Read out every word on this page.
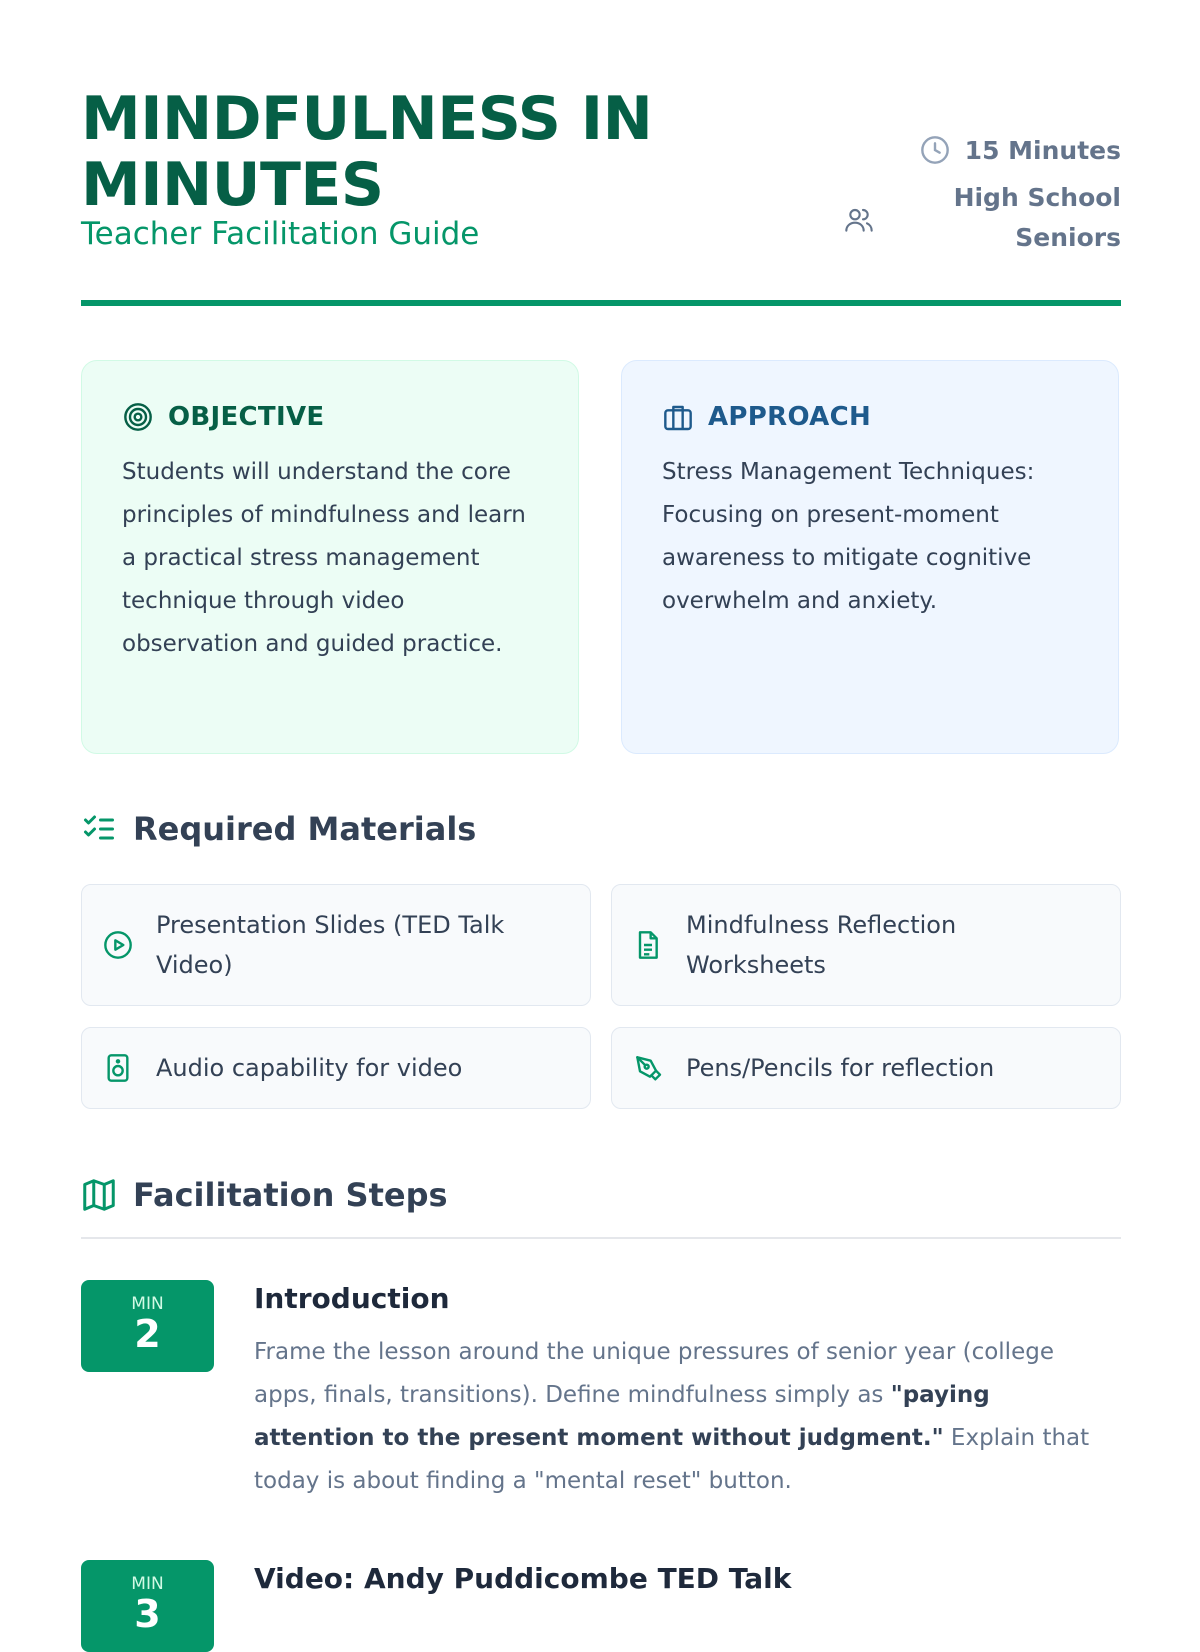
MINDFULNESS IN MINUTES

Teacher Facilitation Guide

15 Minutes
High School Seniors
OBJECTIVE

Students will understand the core principles of mindfulness and learn a practical stress management technique through video observation and guided practice.

APPROACH

Stress Management Techniques: Focusing on present-moment awareness to mitigate cognitive overwhelm and anxiety.

Required Materials
Presentation Slides (TED Talk Video)
Mindfulness Reflection Worksheets
Audio capability for video	Pens/Pencils for reflection
Facilitation Steps
MIN
2
Introduction

Frame the lesson around the unique pressures of senior year (college apps, finals, transitions). Define mindfulness simply as "paying attention to the present moment without judgment." Explain that today is about finding a "mental reset" button.

MIN
3
Video: Andy Puddicombe TED Talk
